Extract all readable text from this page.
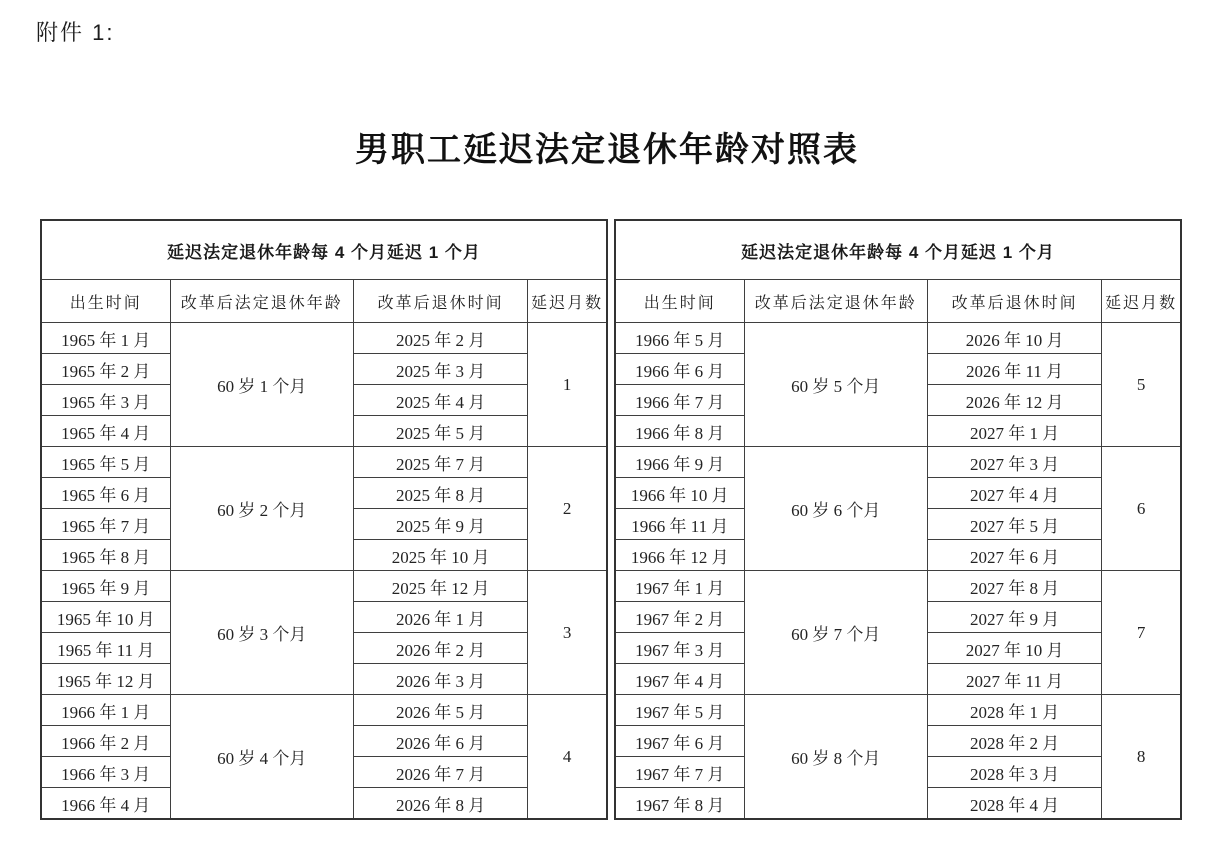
附件 1:
男职工延迟法定退休年龄对照表
延迟法定退休年龄每 4 个月延迟 1 个月			
出生时间	改革后法定退休年龄	改革后退休时间	延迟月数
1965 年 1 月	60 岁 1 个月	2025 年 2 月	1
1965 年 2 月		2025 年 3 月	
1965 年 3 月		2025 年 4 月	
1965 年 4 月		2025 年 5 月	
1965 年 5 月	60 岁 2 个月	2025 年 7 月	2
1965 年 6 月		2025 年 8 月	
1965 年 7 月		2025 年 9 月	
1965 年 8 月		2025 年 10 月	
1965 年 9 月	60 岁 3 个月	2025 年 12 月	3
1965 年 10 月		2026 年 1 月	
1965 年 11 月		2026 年 2 月	
1965 年 12 月		2026 年 3 月	
1966 年 1 月	60 岁 4 个月	2026 年 5 月	4
1966 年 2 月		2026 年 6 月	
1966 年 3 月		2026 年 7 月	
1966 年 4 月		2026 年 8 月	
延迟法定退休年龄每 4 个月延迟 1 个月			
出生时间	改革后法定退休年龄	改革后退休时间	延迟月数
1966 年 5 月	60 岁 5 个月	2026 年 10 月	5
1966 年 6 月		2026 年 11 月	
1966 年 7 月		2026 年 12 月	
1966 年 8 月		2027 年 1 月	
1966 年 9 月	60 岁 6 个月	2027 年 3 月	6
1966 年 10 月		2027 年 4 月	
1966 年 11 月		2027 年 5 月	
1966 年 12 月		2027 年 6 月	
1967 年 1 月	60 岁 7 个月	2027 年 8 月	7
1967 年 2 月		2027 年 9 月	
1967 年 3 月		2027 年 10 月	
1967 年 4 月		2027 年 11 月	
1967 年 5 月	60 岁 8 个月	2028 年 1 月	8
1967 年 6 月		2028 年 2 月	
1967 年 7 月		2028 年 3 月	
1967 年 8 月		2028 年 4 月	
